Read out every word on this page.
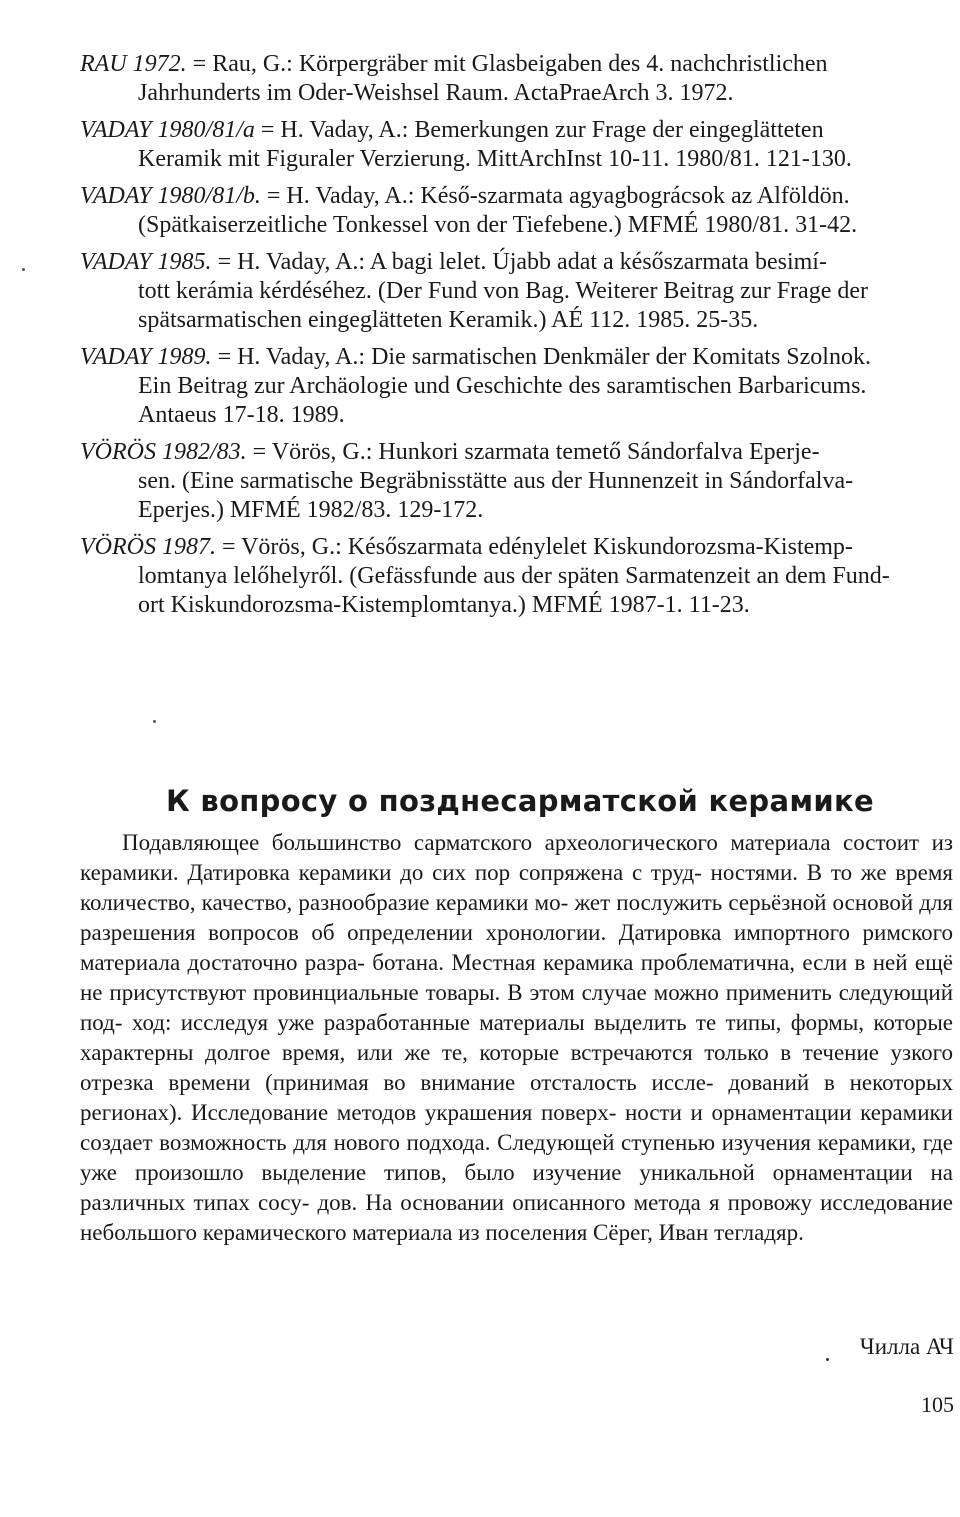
RAU 1972. = Rau, G.: Körpergräber mit Glasbeigaben des 4. nachchristlichen
Jahrhunderts im Oder-Weishsel Raum. ActaPraeArch 3. 1972.
VADAY 1980/81/a = H. Vaday, A.: Bemerkungen zur Frage der eingeglätteten
Keramik mit Figuraler Verzierung. MittArchInst 10-11. 1980/81. 121-130.
VADAY 1980/81/b. = H. Vaday, A.: Késő-szarmata agyagbográcsok az Alföldön.
(Spätkaiserzeitliche Tonkessel von der Tiefebene.) MFMÉ 1980/81. 31-42.
VADAY 1985. = H. Vaday, A.: A bagi lelet. Újabb adat a későszarmata besimí-
tott kerámia kérdéséhez. (Der Fund von Bag. Weiterer Beitrag zur Frage der
spätsarmatischen eingeglätteten Keramik.) AÉ 112. 1985. 25-35.
VADAY 1989. = H. Vaday, A.: Die sarmatischen Denkmäler der Komitats Szolnok.
Ein Beitrag zur Archäologie und Geschichte des saramtischen Barbaricums.
Antaeus 17-18. 1989.
VÖRÖS 1982/83. = Vörös, G.: Hunkori szarmata temető Sándorfalva Eperje-
sen. (Eine sarmatische Begräbnisstätte aus der Hunnenzeit in Sándorfalva-
Eperjes.) MFMÉ 1982/83. 129-172.
VÖRÖS 1987. = Vörös, G.: Későszarmata edénylelet Kiskundorozsma-Kistemp-
lomtanya lelőhelyről. (Gefässfunde aus der späten Sarmatenzeit an dem Fund-
ort Kiskundorozsma-Kistemplomtanya.) MFMÉ 1987-1. 11-23.
К вопросу о позднесарматской керамике

Подавляющее большинство сарматского археологического материала состоит из керамики. Датировка керамики до сих пор сопряжена с труд- ностями. В то же время количество, качество, разнообразие керамики мо- жет послужить серьёзной основой для разрешения вопросов об определении хронологии. Датировка импортного римского материала достаточно разра- ботана. Местная керамика проблематична, если в ней ещё не присутствуют провинциальные товары. В этом случае можно применить следующий под- ход: исследуя уже разработанные материалы выделить те типы, формы, которые характерны долгое время, или же те, которые встречаются только в течение узкого отрезка времени (принимая во внимание отсталость иссле- дований в некоторых регионах). Исследование методов украшения поверх- ности и орнаментации керамики создает возможность для нового подхода. Следующей ступенью изучения керамики, где уже произошло выделение типов, было изучение уникальной орнаментации на различных типах сосу- дов. На основании описанного метода я провожу исследование небольшого керамического материала из поселения Сёрег, Иван тегладяр.

Чилла АЧ
105
